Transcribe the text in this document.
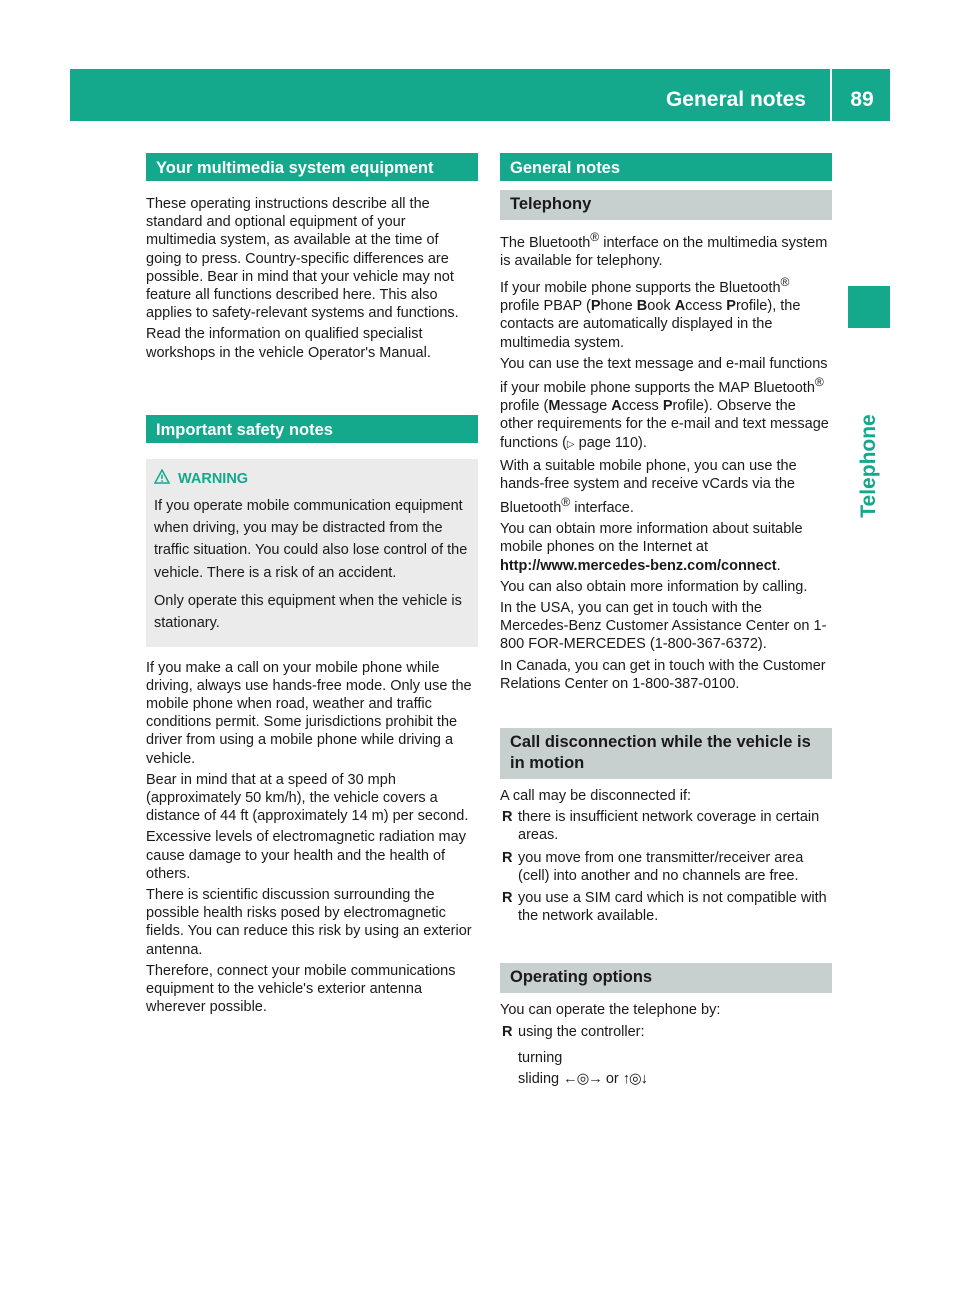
General notes	89
Telephone
Your multimedia system equipment

These operating instructions describe all the standard and optional equipment of your multimedia system, as available at the time of going to press. Country-specific differences are possible. Bear in mind that your vehicle may not feature all functions described here. This also applies to safety-relevant systems and functions.

Read the information on qualified specialist workshops in the vehicle Operator's Manual.

Important safety notes
WARNING

If you operate mobile communication equipment when driving, you may be distracted from the traffic situation. You could also lose control of the vehicle. There is a risk of an accident.

Only operate this equipment when the vehicle is stationary.

If you make a call on your mobile phone while driving, always use hands-free mode. Only use the mobile phone when road, weather and traffic conditions permit. Some jurisdictions prohibit the driver from using a mobile phone while driving a vehicle.

Bear in mind that at a speed of 30 mph (approximately 50 km/h), the vehicle covers a distance of 44 ft (approximately 14 m) per second.

Excessive levels of electromagnetic radiation may cause damage to your health and the health of others.

There is scientific discussion surrounding the possible health risks posed by electromagnetic fields. You can reduce this risk by using an exterior antenna.

Therefore, connect your mobile communications equipment to the vehicle's exterior antenna wherever possible.

General notes
Telephony

The Bluetooth® interface on the multimedia system is available for telephony.

If your mobile phone supports the Bluetooth® profile PBAP (Phone Book Access Profile), the contacts are automatically displayed in the multimedia system.

You can use the text message and e-mail functions if your mobile phone supports the MAP Bluetooth® profile (Message Access Profile). Observe the other requirements for the e-mail and text message functions (▷ page 110).

With a suitable mobile phone, you can use the hands-free system and receive vCards via the Bluetooth® interface.

You can obtain more information about suitable mobile phones on the Internet at
http://www.mercedes-benz.com/connect.

You can also obtain more information by calling.

In the USA, you can get in touch with the Mercedes-Benz Customer Assistance Center on 1-800 FOR-MERCEDES (1-800-367-6372).

In Canada, you can get in touch with the Customer Relations Center on 1-800-387-0100.

Call disconnection while the vehicle is in motion

A call may be disconnected if:

R there is insufficient network coverage in certain areas.
R you move from one transmitter/receiver area (cell) into another and no channels are free.
R you use a SIM card which is not compatible with the network available.
Operating options

You can operate the telephone by:

R using the controller:

turning

sliding ←◎→ or ↑◎↓
